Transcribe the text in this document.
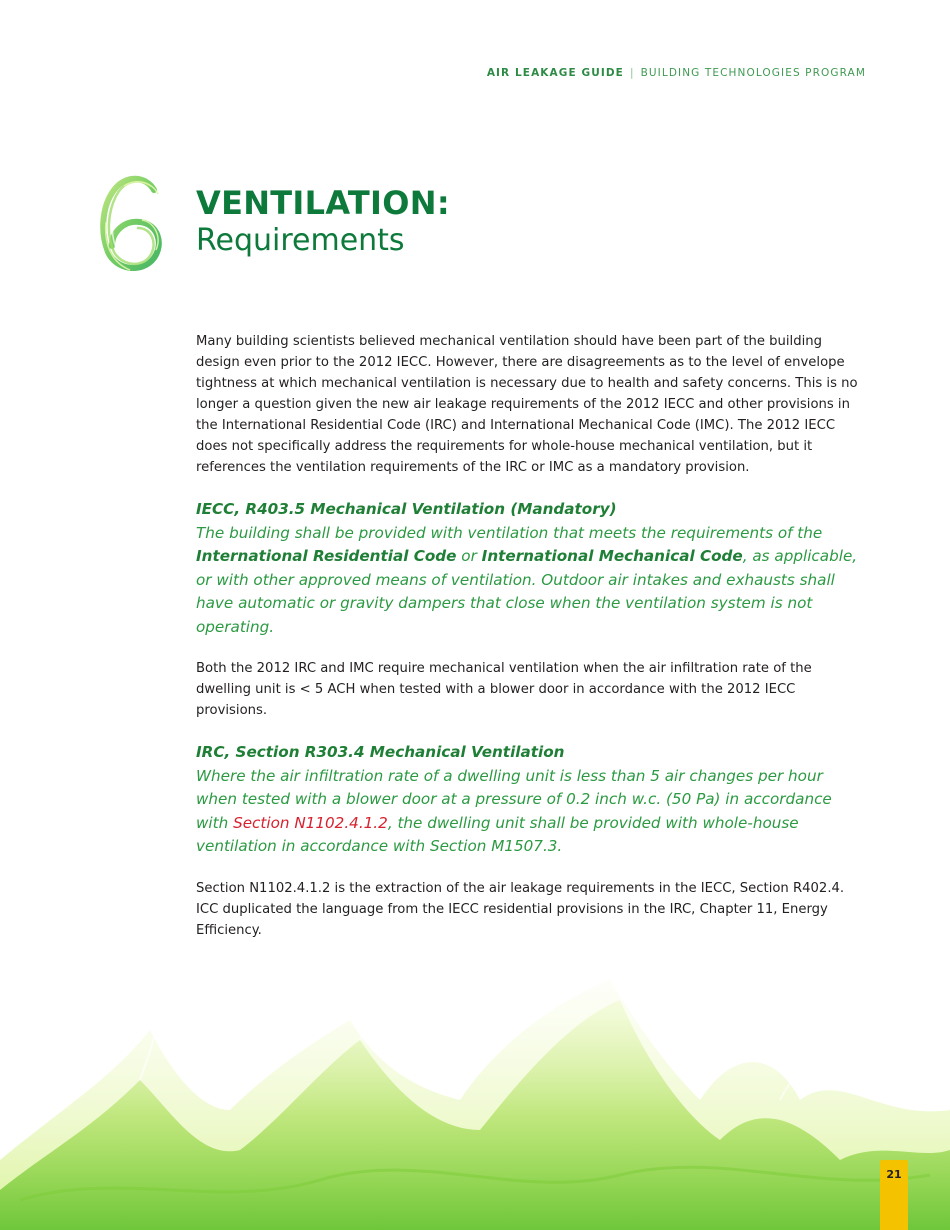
AIR LEAKAGE GUIDE | BUILDING TECHNOLOGIES PROGRAM
VENTILATION:
Requirements

Many building scientists believed mechanical ventilation should have been part of the building design even prior to the 2012 IECC. However, there are disagreements as to the level of envelope tightness at which mechanical ventilation is necessary due to health and safety concerns. This is no longer a question given the new air leakage requirements of the 2012 IECC and other provisions in the International Residential Code (IRC) and International Mechanical Code (IMC). The 2012 IECC does not specifically address the requirements for whole-house mechanical ventilation, but it references the ventilation requirements of the IRC or IMC as a mandatory provision.

IECC, R403.5 Mechanical Ventilation (Mandatory)
The building shall be provided with ventilation that meets the requirements of the International Residential Code or International Mechanical Code, as applicable, or with other approved means of ventilation. Outdoor air intakes and exhausts shall have automatic or gravity dampers that close when the ventilation system is not operating.

Both the 2012 IRC and IMC require mechanical ventilation when the air infiltration rate of the dwelling unit is < 5 ACH when tested with a blower door in accordance with the 2012 IECC provisions.

IRC, Section R303.4 Mechanical Ventilation
Where the air infiltration rate of a dwelling unit is less than 5 air changes per hour when tested with a blower door at a pressure of 0.2 inch w.c. (50 Pa) in accordance with Section N1102.4.1.2, the dwelling unit shall be provided with whole-house ventilation in accordance with Section M1507.3.

Section N1102.4.1.2 is the extraction of the air leakage requirements in the IECC, Section R402.4. ICC duplicated the language from the IECC residential provisions in the IRC, Chapter 11, Energy Efficiency.

21
